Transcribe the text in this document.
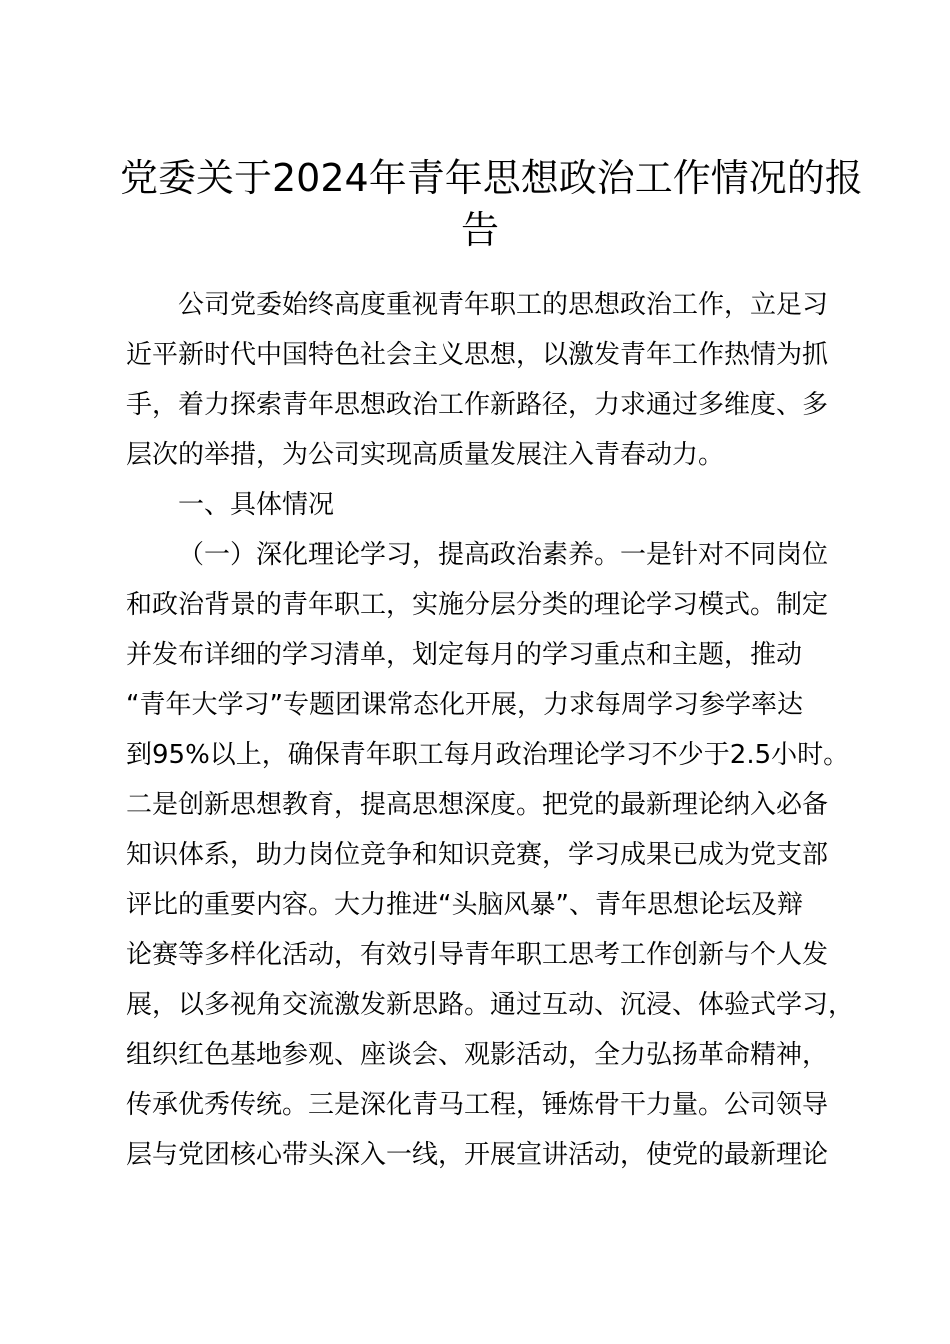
党委关于2024年青年思想政治工作情况的报
告
公司党委始终高度重视青年职工的思想政治工作，立足习
近平新时代中国特色社会主义思想，以激发青年工作热情为抓
手，着力探索青年思想政治工作新路径，力求通过多维度、多
层次的举措，为公司实现高质量发展注入青春动力。
一、具体情况
（一）深化理论学习，提高政治素养。一是针对不同岗位
和政治背景的青年职工，实施分层分类的理论学习模式。制定
并发布详细的学习清单，划定每月的学习重点和主题，推动
“青年大学习”专题团课常态化开展，力求每周学习参学率达
到95%以上，确保青年职工每月政治理论学习不少于2.5小时。
二是创新思想教育，提高思想深度。把党的最新理论纳入必备
知识体系，助力岗位竞争和知识竞赛，学习成果已成为党支部
评比的重要内容。大力推进“头脑风暴”、青年思想论坛及辩
论赛等多样化活动，有效引导青年职工思考工作创新与个人发
展，以多视角交流激发新思路。通过互动、沉浸、体验式学习，
组织红色基地参观、座谈会、观影活动，全力弘扬革命精神，
传承优秀传统。三是深化青马工程，锤炼骨干力量。公司领导
层与党团核心带头深入一线，开展宣讲活动，使党的最新理论
